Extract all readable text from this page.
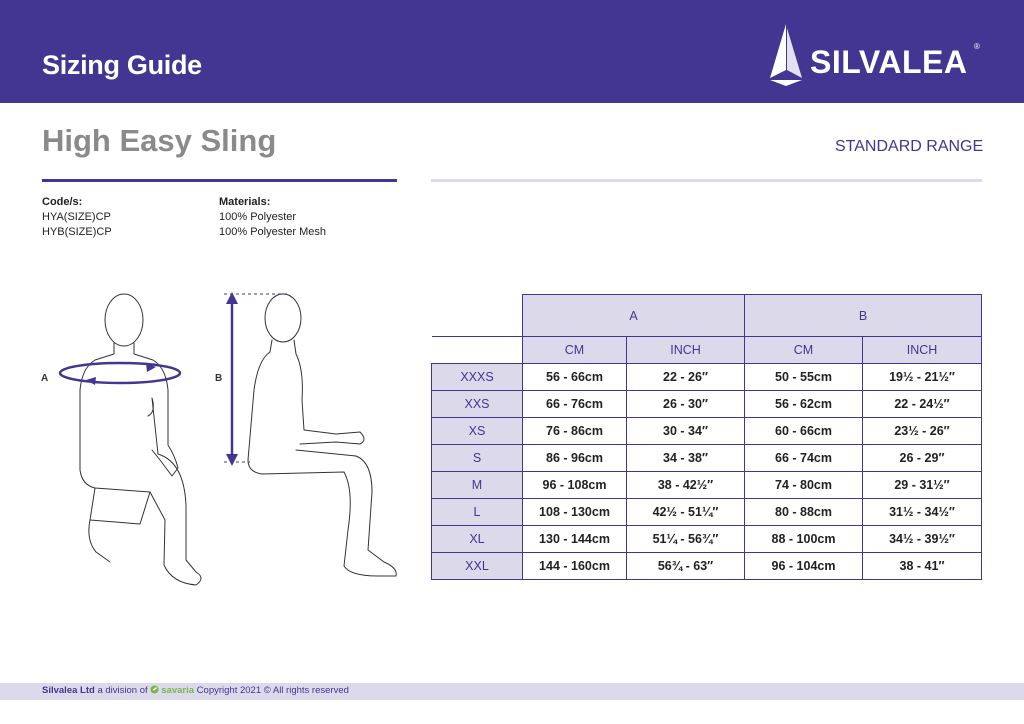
Sizing Guide	SILVALEA ®
High Easy Sling	STANDARD RANGE
Code/s:
HYA(SIZE)CP
HYB(SIZE)CP
Materials:
100% Polyester
100% Polyester Mesh
A	B
	A		B	
	CM	INCH	CM	INCH
XXXS	56 - 66cm	22 - 26″	50 - 55cm	19½ - 21½″
XXS	66 - 76cm	26 - 30″	56 - 62cm	22 - 24½″
XS	76 - 86cm	30 - 34″	60 - 66cm	23½ - 26″
S	86 - 96cm	34 - 38″	66 - 74cm	26 - 29″
M	96 - 108cm	38 - 42½″	74 - 80cm	29 - 31½″
L	108 - 130cm	42½ - 51¼″	80 - 88cm	31½ - 34½″
XL	130 - 144cm	51¼ - 56¾″	88 - 100cm	34½ - 39½″
XXL	144 - 160cm	56¾ - 63″	96 - 104cm	38 - 41″
Silvalea Ltd a division of savaria Copyright 2021 © All rights reserved
